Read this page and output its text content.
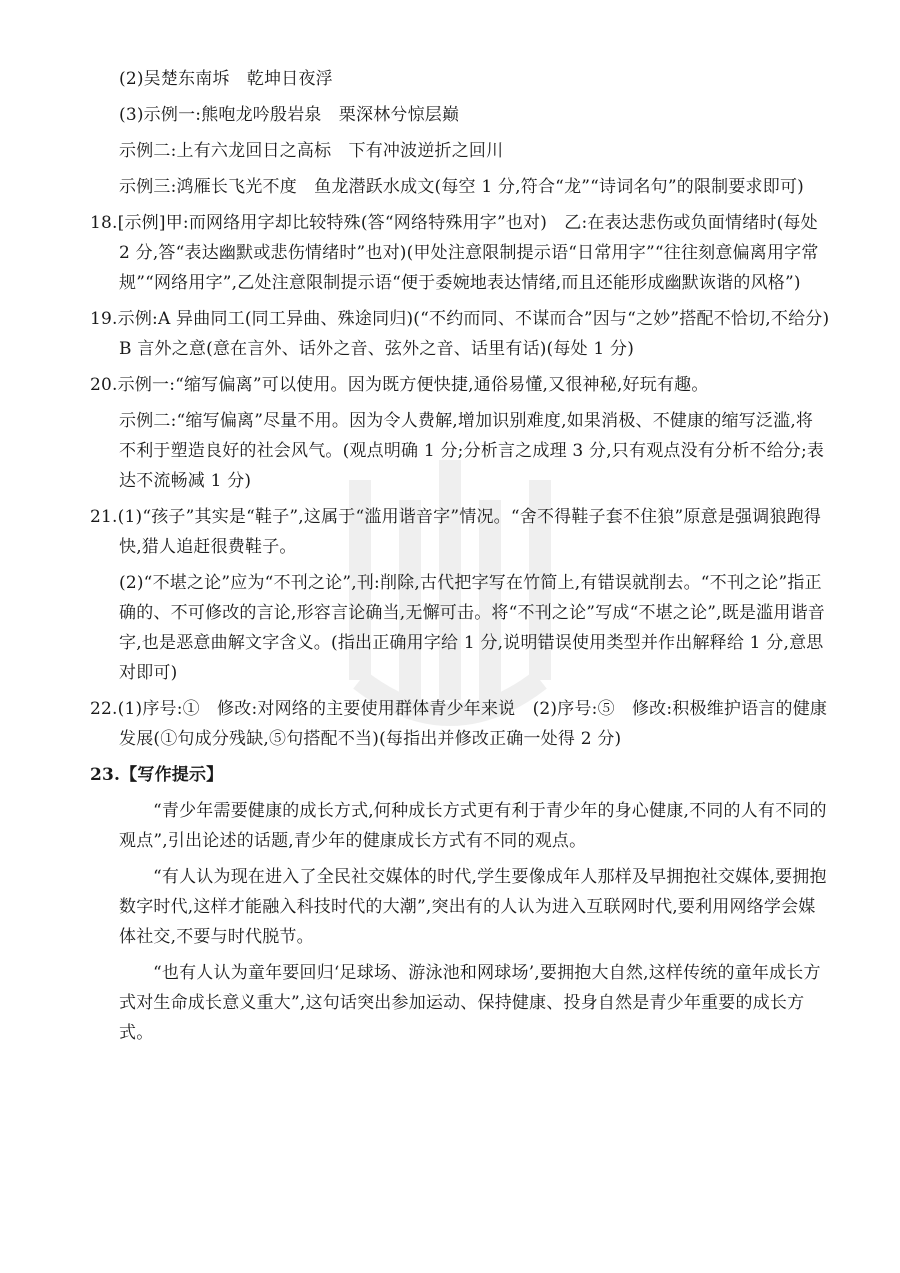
(2)吴楚东南坼　乾坤日夜浮

(3)示例一:熊咆龙吟殷岩泉　栗深林兮惊层巅

示例二:上有六龙回日之高标　下有冲波逆折之回川

示例三:鸿雁长飞光不度　鱼龙潜跃水成文(每空 1 分,符合“龙”“诗词名句”的限制要求即可)

18.[示例]甲:而网络用字却比较特殊(答“网络特殊用字”也对)　乙:在表达悲伤或负面情绪时(每处 2 分,答“表达幽默或悲伤情绪时”也对)(甲处注意限制提示语“日常用字”“往往刻意偏离用字常规”“网络用字”,乙处注意限制提示语“便于委婉地表达情绪,而且还能形成幽默诙谐的风格”)

19.示例:A 异曲同工(同工异曲、殊途同归)(“不约而同、不谋而合”因与“之妙”搭配不恰切,不给分)　B 言外之意(意在言外、话外之音、弦外之音、话里有话)(每处 1 分)

20.示例一:“缩写偏离”可以使用。因为既方便快捷,通俗易懂,又很神秘,好玩有趣。

示例二:“缩写偏离”尽量不用。因为令人费解,增加识别难度,如果消极、不健康的缩写泛滥,将不利于塑造良好的社会风气。(观点明确 1 分;分析言之成理 3 分,只有观点没有分析不给分;表达不流畅减 1 分)

21.(1)“孩子”其实是“鞋子”,这属于“滥用谐音字”情况。“舍不得鞋子套不住狼”原意是强调狼跑得快,猎人追赶很费鞋子。

(2)“不堪之论”应为“不刊之论”,刊:削除,古代把字写在竹简上,有错误就削去。“不刊之论”指正确的、不可修改的言论,形容言论确当,无懈可击。将“不刊之论”写成“不堪之论”,既是滥用谐音字,也是恶意曲解文字含义。(指出正确用字给 1 分,说明错误使用类型并作出解释给 1 分,意思对即可)

22.(1)序号:①　修改:对网络的主要使用群体青少年来说　(2)序号:⑤　修改:积极维护语言的健康发展(①句成分残缺,⑤句搭配不当)(每指出并修改正确一处得 2 分)

23.【写作提示】

“青少年需要健康的成长方式,何种成长方式更有利于青少年的身心健康,不同的人有不同的观点”,引出论述的话题,青少年的健康成长方式有不同的观点。

“有人认为现在进入了全民社交媒体的时代,学生要像成年人那样及早拥抱社交媒体,要拥抱数字时代,这样才能融入科技时代的大潮”,突出有的人认为进入互联网时代,要利用网络学会媒体社交,不要与时代脱节。

“也有人认为童年要回归‘足球场、游泳池和网球场’,要拥抱大自然,这样传统的童年成长方式对生命成长意义重大”,这句话突出参加运动、保持健康、投身自然是青少年重要的成长方式。
